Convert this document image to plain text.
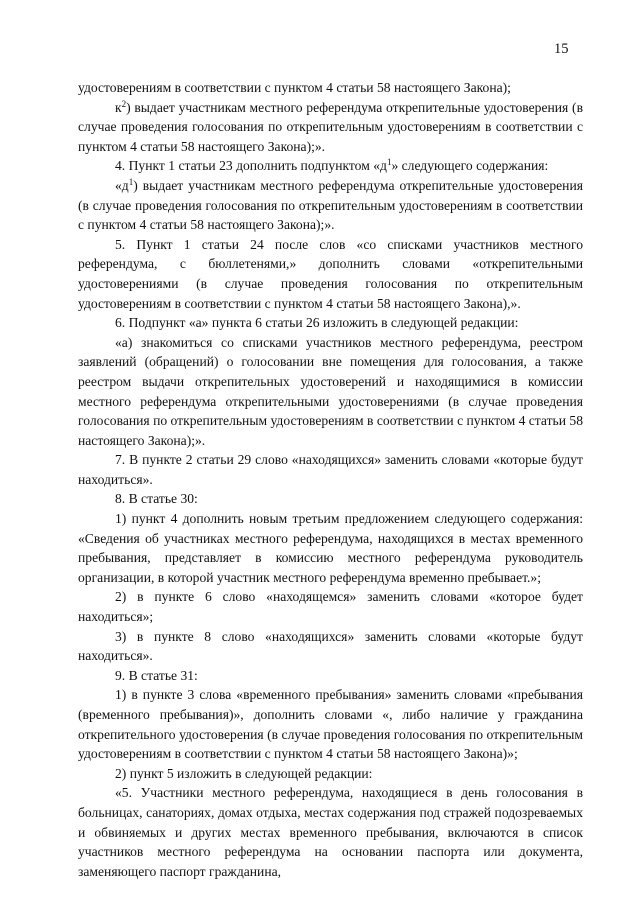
15

удостоверениям в соответствии с пунктом 4 статьи 58 настоящего Закона);

$к^2$) выдает участникам местного референдума открепительные удостоверения (в случае проведения голосования по открепительным удостоверениям в соответствии с пунктом 4 статьи 58 настоящего Закона);».

4. Пункт 1 статьи 23 дополнить подпунктом «$д^1$» следующего содержания:

«$д^1$) выдает участникам местного референдума открепительные удостоверения (в случае проведения голосования по открепительным удостоверениям в соответствии с пунктом 4 статьи 58 настоящего Закона);».

5. Пункт 1 статьи 24 после слов «со списками участников местного референдума, с бюллетенями,» дополнить словами «открепительными удостоверениями (в случае проведения голосования по открепительным удостоверениям в соответствии с пунктом 4 статьи 58 настоящего Закона),».

6. Подпункт «а» пункта 6 статьи 26 изложить в следующей редакции:

«а) знакомиться со списками участников местного референдума, реестром заявлений (обращений) о голосовании вне помещения для голосования, а также реестром выдачи открепительных удостоверений и находящимися в комиссии местного референдума открепительными удостоверениями (в случае проведения голосования по открепительным удостоверениям в соответствии с пунктом 4 статьи 58 настоящего Закона);».

7. В пункте 2 статьи 29 слово «находящихся» заменить словами «которые будут находиться».

8. В статье 30:

1) пункт 4 дополнить новым третьим предложением следующего содержания: «Сведения об участниках местного референдума, находящихся в местах временного пребывания, представляет в комиссию местного референдума руководитель организации, в которой участник местного референдума временно пребывает.»;

2) в пункте 6 слово «находящемся» заменить словами «которое будет находиться»;

3) в пункте 8 слово «находящихся» заменить словами «которые будут находиться».

9. В статье 31:

1) в пункте 3 слова «временного пребывания» заменить словами «пребывания (временного пребывания)», дополнить словами «, либо наличие у гражданина открепительного удостоверения (в случае проведения голосования по открепительным удостоверениям в соответствии с пунктом 4 статьи 58 настоящего Закона)»;

2) пункт 5 изложить в следующей редакции:

«5. Участники местного референдума, находящиеся в день голосования в больницах, санаториях, домах отдыха, местах содержания под стражей подозреваемых и обвиняемых и других местах временного пребывания, включаются в список участников местного референдума на основании паспорта или документа, заменяющего паспорт гражданина,
